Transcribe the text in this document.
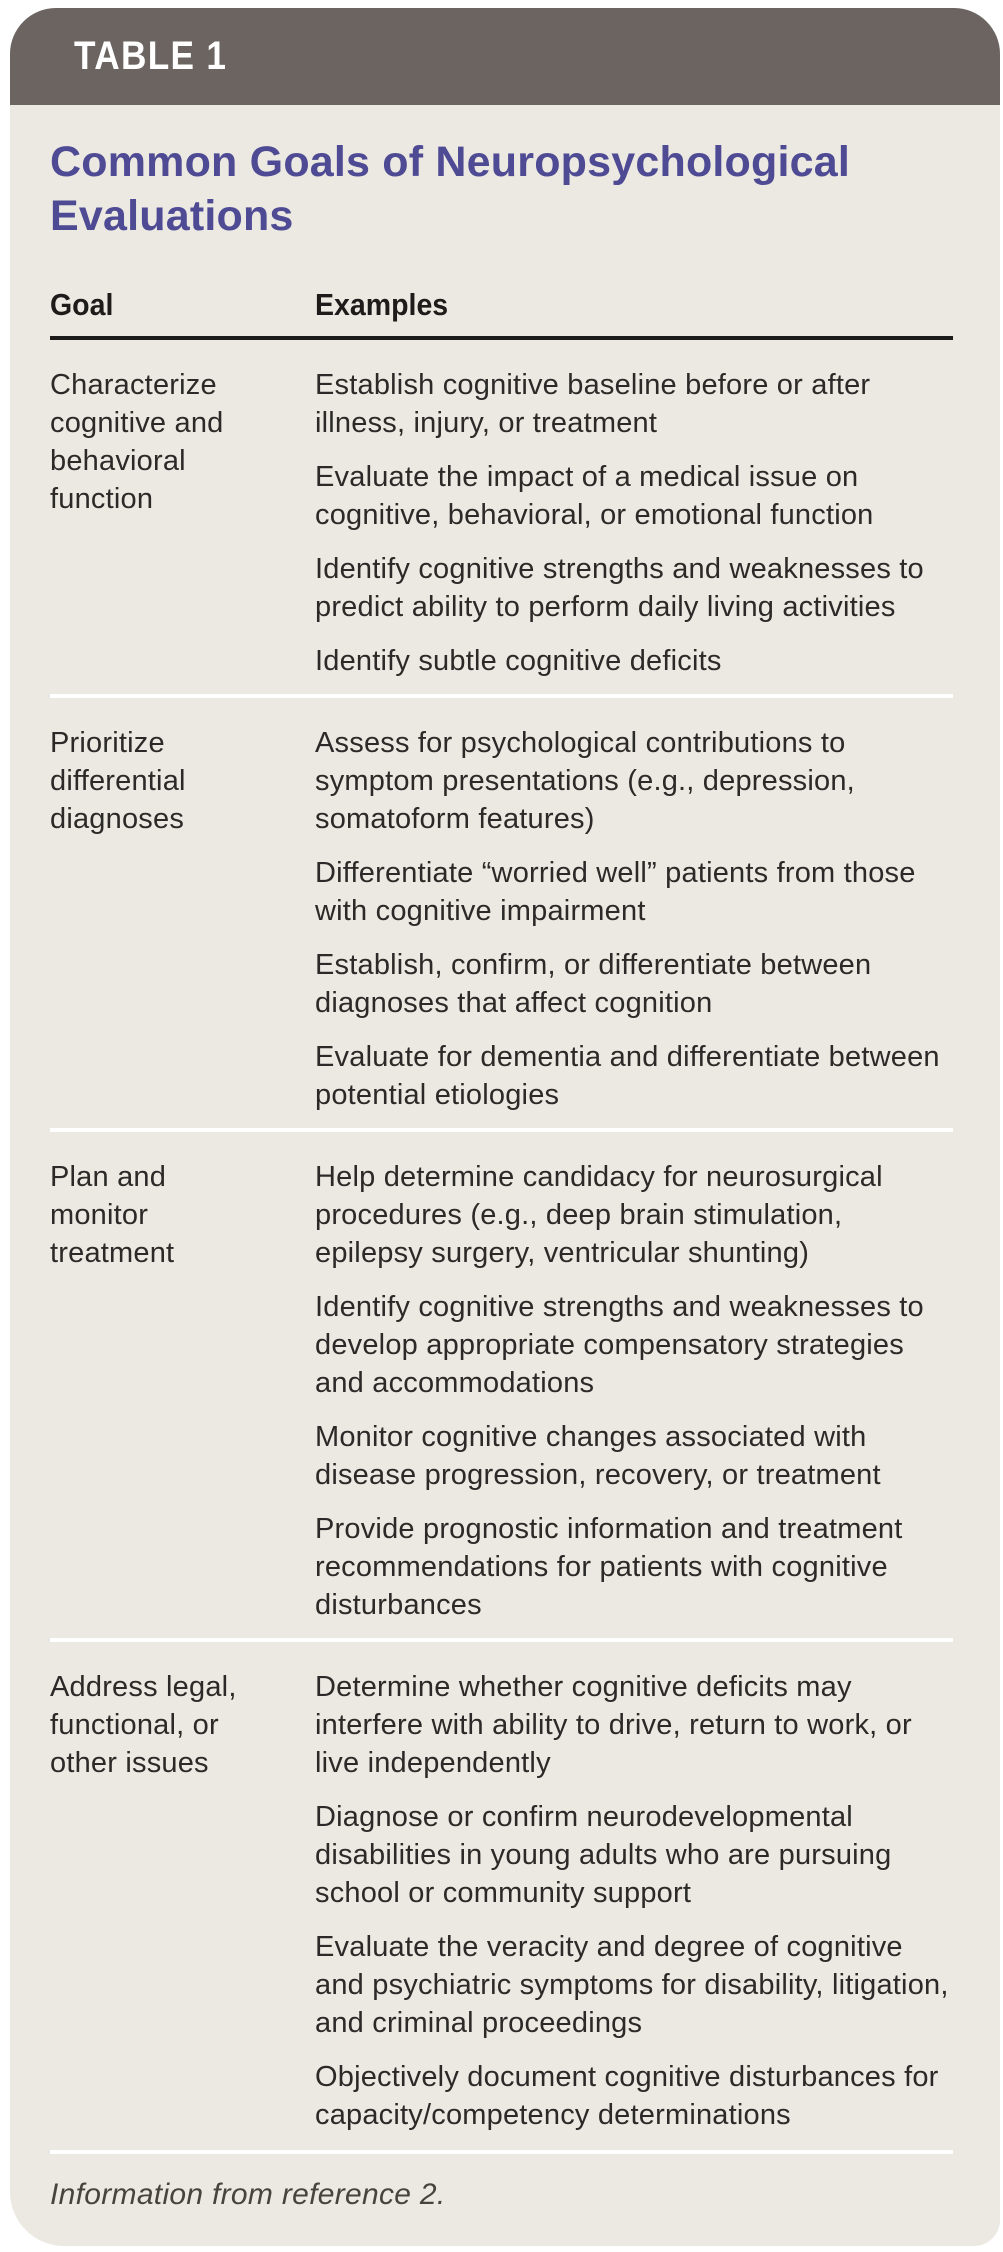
TABLE 1
Common Goals of Neuropsychological Evaluations
Goal	Examples
Characterize cognitive and behavioral function

Establish cognitive baseline before or after illness, injury, or treatment

Evaluate the impact of a medical issue on cognitive, behavioral, or emotional function

Identify cognitive strengths and weaknesses to predict ability to perform daily living activities

Identify subtle cognitive deficits

Prioritize differential diagnoses

Assess for psychological contributions to symptom presentations (e.g., depression, somatoform features)

Differentiate “worried well” patients from those with cognitive impairment

Establish, confirm, or differentiate between diagnoses that affect cognition

Evaluate for dementia and differentiate between potential etiologies

Plan and monitor treatment

Help determine candidacy for neurosurgical procedures (e.g., deep brain stimulation, epilepsy surgery, ventricular shunting)

Identify cognitive strengths and weaknesses to develop appropriate compensatory strategies and accommodations

Monitor cognitive changes associated with disease progression, recovery, or treatment

Provide prognostic information and treatment recommendations for patients with cognitive disturbances

Address legal, functional, or other issues

Determine whether cognitive deficits may interfere with ability to drive, return to work, or live independently

Diagnose or confirm neurodevelopmental disabilities in young adults who are pursuing school or community support

Evaluate the veracity and degree of cognitive and psychiatric symptoms for disability, litigation, and criminal proceedings

Objectively document cognitive disturbances for capacity/competency determinations

Information from reference 2.
